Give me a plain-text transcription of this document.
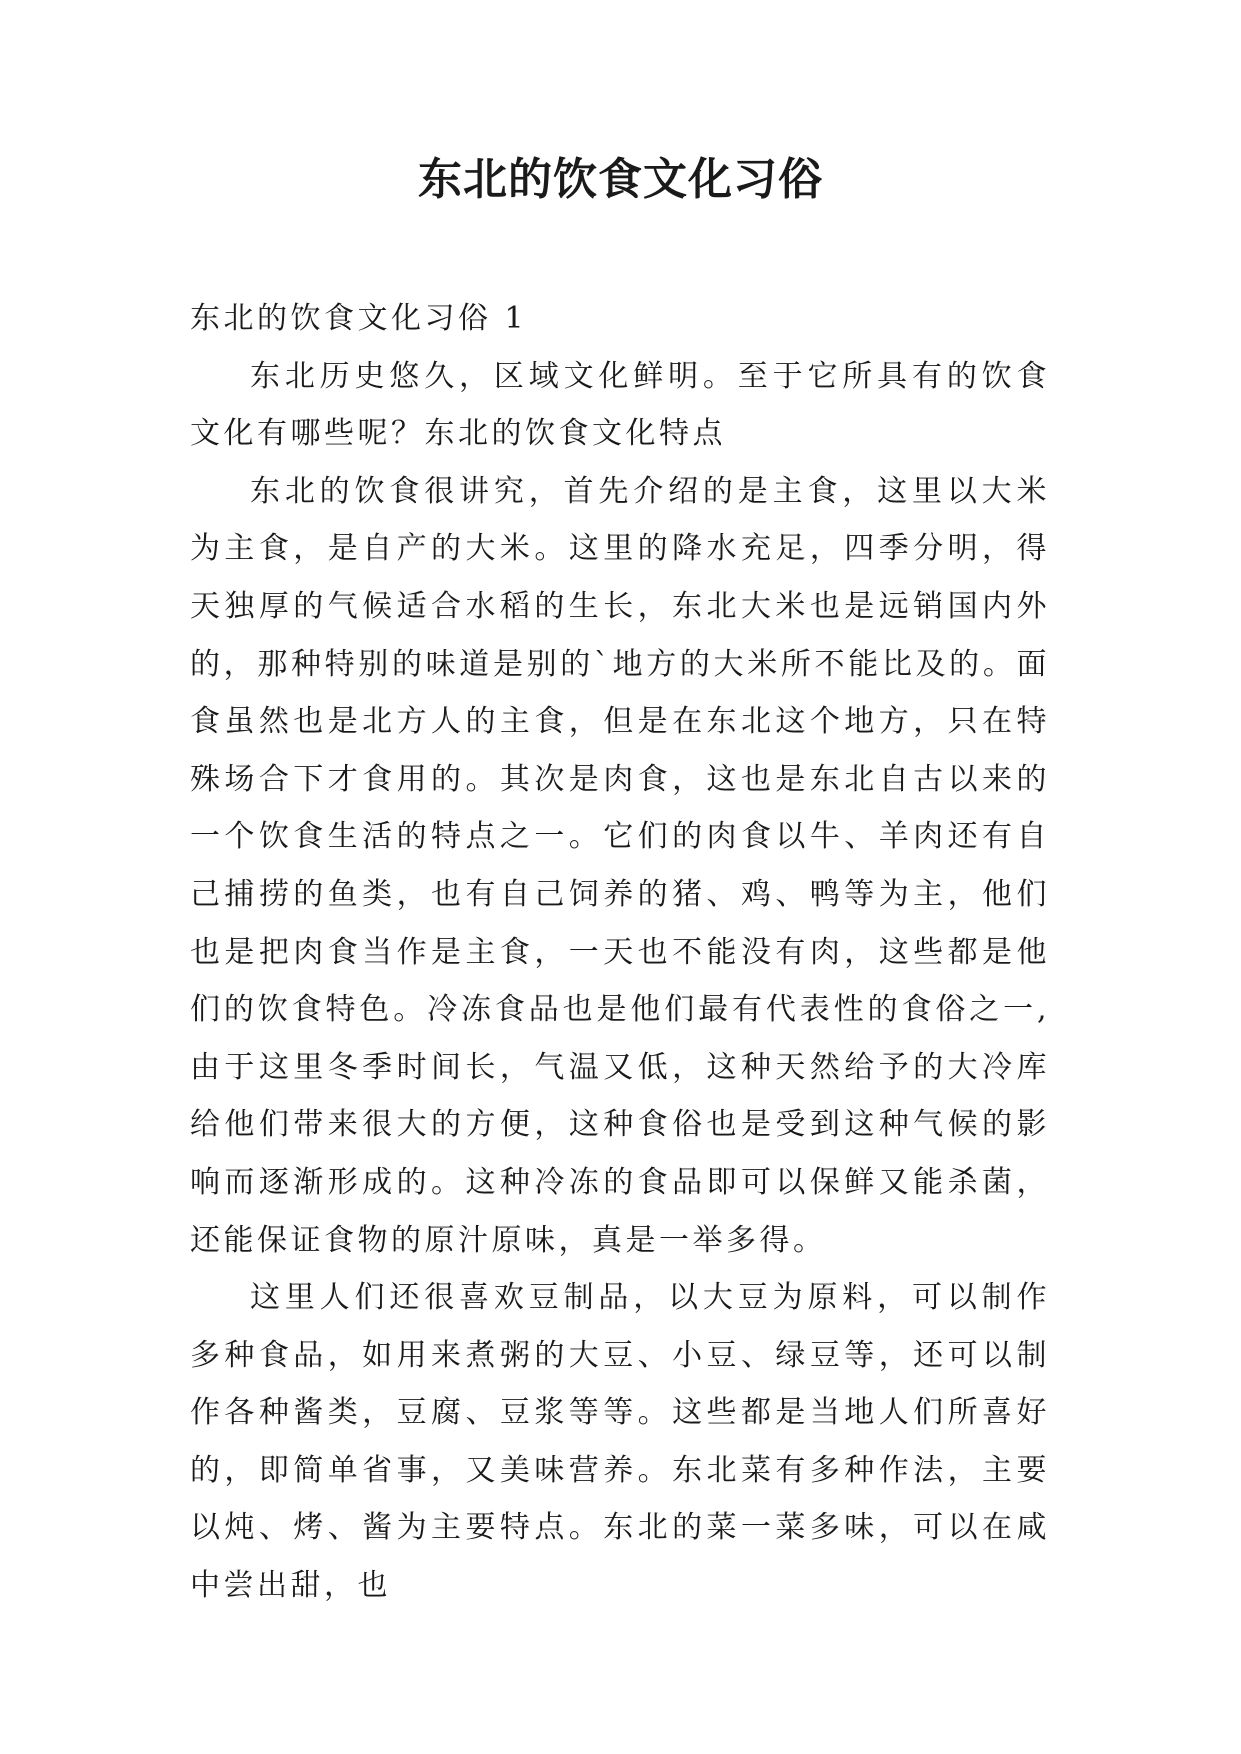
东北的饮食文化习俗
东北的饮食文化习俗 1

东北历史悠久，区域文化鲜明。至于它所具有的饮食文化有哪些呢？东北的饮食文化特点

东北的饮食很讲究，首先介绍的是主食，这里以大米为主食，是自产的大米。这里的降水充足，四季分明，得天独厚的气候适合水稻的生长，东北大米也是远销国内外的，那种特别的味道是别的`地方的大米所不能比及的。面食虽然也是北方人的主食，但是在东北这个地方，只在特殊场合下才食用的。其次是肉食，这也是东北自古以来的一个饮食生活的特点之一。它们的肉食以牛、羊肉还有自己捕捞的鱼类，也有自己饲养的猪、鸡、鸭等为主，他们也是把肉食当作是主食，一天也不能没有肉，这些都是他们的饮食特色。冷冻食品也是他们最有代表性的食俗之一,由于这里冬季时间长，气温又低，这种天然给予的大冷库给他们带来很大的方便，这种食俗也是受到这种气候的影响而逐渐形成的。这种冷冻的食品即可以保鲜又能杀菌，还能保证食物的原汁原味，真是一举多得。

这里人们还很喜欢豆制品，以大豆为原料，可以制作多种食品，如用来煮粥的大豆、小豆、绿豆等，还可以制作各种酱类，豆腐、豆浆等等。这些都是当地人们所喜好的，即简单省事，又美味营养。东北菜有多种作法，主要以炖、烤、酱为主要特点。东北的菜一菜多味，可以在咸中尝出甜，也
